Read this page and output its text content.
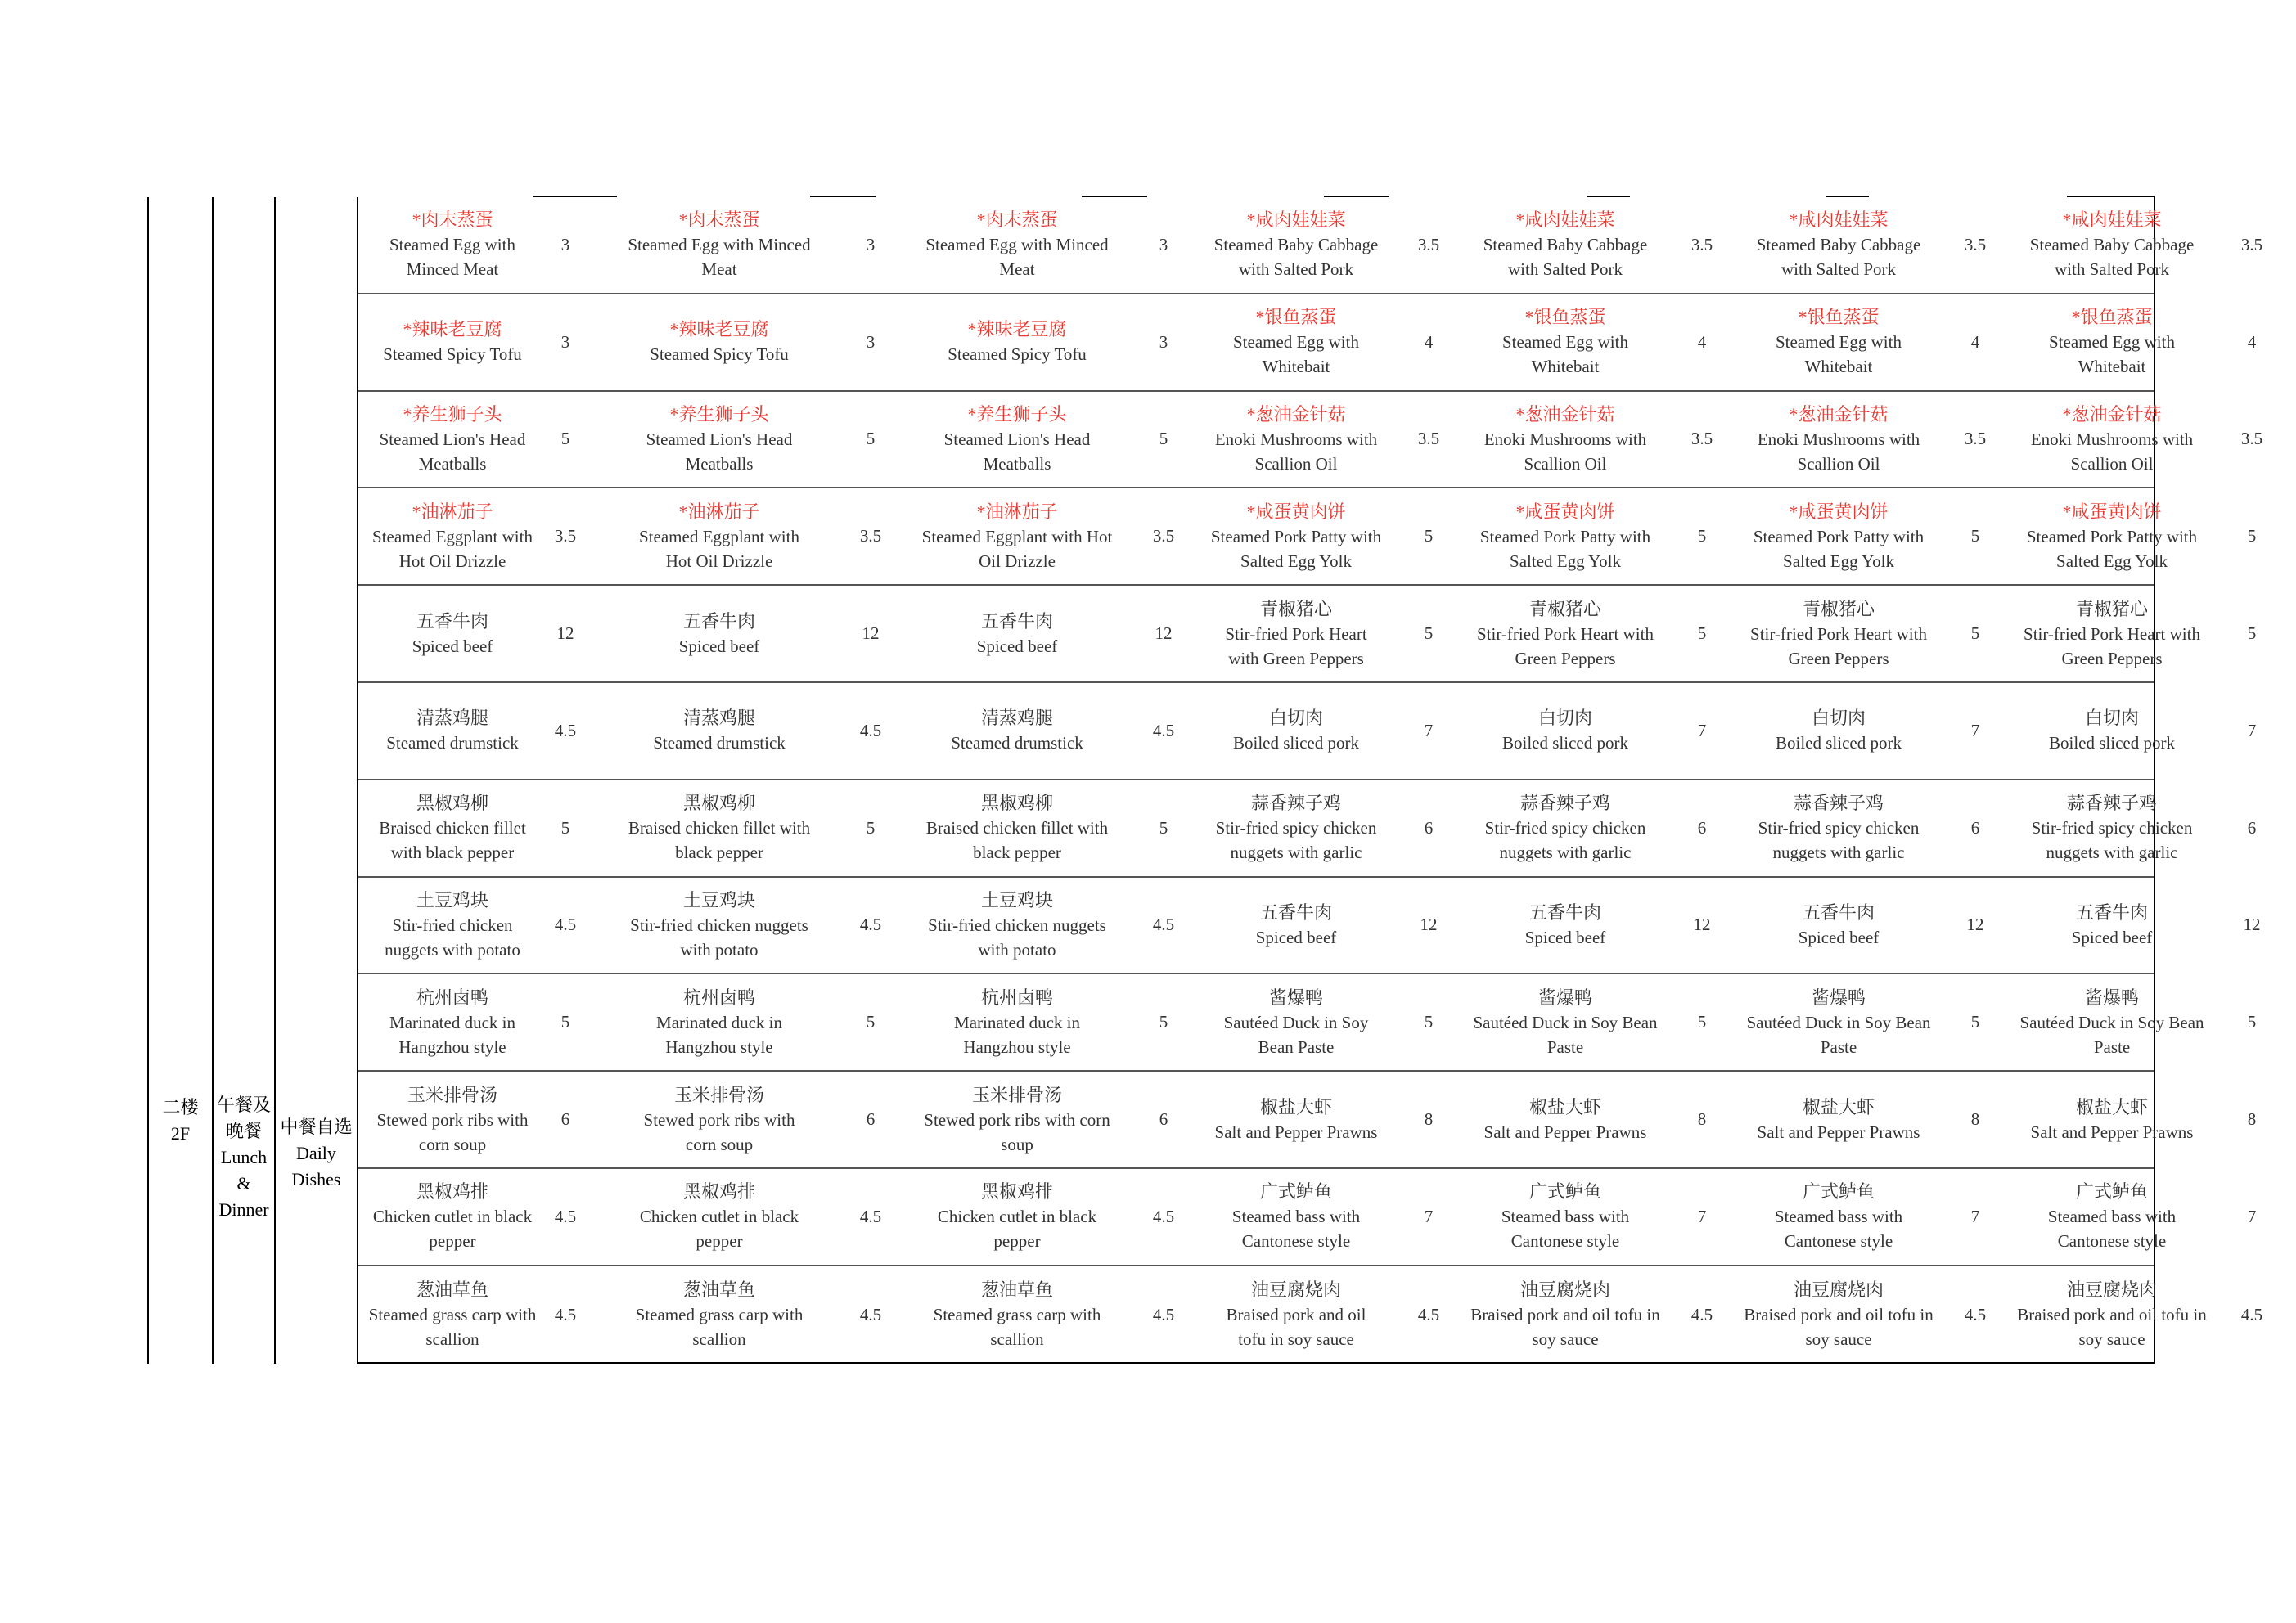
二楼
2F
午餐及
晚餐
Lunch
&
Dinner
中餐自选
Daily
Dishes
*肉末蒸蛋
Steamed Egg with
Minced Meat
3
*肉末蒸蛋
Steamed Egg with Minced
Meat
3
*肉末蒸蛋
Steamed Egg with Minced
Meat
3
*咸肉娃娃菜
Steamed Baby Cabbage
with Salted Pork
3.5
*咸肉娃娃菜
Steamed Baby Cabbage
with Salted Pork
3.5
*咸肉娃娃菜
Steamed Baby Cabbage
with Salted Pork
3.5
*咸肉娃娃菜
Steamed Baby Cabbage
with Salted Pork
3.5
*辣味老豆腐
Steamed Spicy Tofu
3
*辣味老豆腐
Steamed Spicy Tofu
3
*辣味老豆腐
Steamed Spicy Tofu
3
*银鱼蒸蛋
Steamed Egg with
Whitebait
4
*银鱼蒸蛋
Steamed Egg with
Whitebait
4
*银鱼蒸蛋
Steamed Egg with
Whitebait
4
*银鱼蒸蛋
Steamed Egg with
Whitebait
4
*养生狮子头
Steamed Lion's Head
Meatballs
5
*养生狮子头
Steamed Lion's Head
Meatballs
5
*养生狮子头
Steamed Lion's Head
Meatballs
5
*葱油金针菇
Enoki Mushrooms with
Scallion Oil
3.5
*葱油金针菇
Enoki Mushrooms with
Scallion Oil
3.5
*葱油金针菇
Enoki Mushrooms with
Scallion Oil
3.5
*葱油金针菇
Enoki Mushrooms with
Scallion Oil
3.5
*油淋茄子
Steamed Eggplant with
Hot Oil Drizzle
3.5
*油淋茄子
Steamed Eggplant with
Hot Oil Drizzle
3.5
*油淋茄子
Steamed Eggplant with Hot
Oil Drizzle
3.5
*咸蛋黄肉饼
Steamed Pork Patty with
Salted Egg Yolk
5
*咸蛋黄肉饼
Steamed Pork Patty with
Salted Egg Yolk
5
*咸蛋黄肉饼
Steamed Pork Patty with
Salted Egg Yolk
5
*咸蛋黄肉饼
Steamed Pork Patty with
Salted Egg Yolk
5
五香牛肉
Spiced beef
12
五香牛肉
Spiced beef
12
五香牛肉
Spiced beef
12
青椒猪心
Stir-fried Pork Heart
with Green Peppers
5
青椒猪心
Stir-fried Pork Heart with
Green Peppers
5
青椒猪心
Stir-fried Pork Heart with
Green Peppers
5
青椒猪心
Stir-fried Pork Heart with
Green Peppers
5
清蒸鸡腿
Steamed drumstick
4.5
清蒸鸡腿
Steamed drumstick
4.5
清蒸鸡腿
Steamed drumstick
4.5
白切肉
Boiled sliced pork
7
白切肉
Boiled sliced pork
7
白切肉
Boiled sliced pork
7
白切肉
Boiled sliced pork
7
黑椒鸡柳
Braised chicken fillet
with black pepper
5
黑椒鸡柳
Braised chicken fillet with
black pepper
5
黑椒鸡柳
Braised chicken fillet with
black pepper
5
蒜香辣子鸡
Stir-fried spicy chicken
nuggets with garlic
6
蒜香辣子鸡
Stir-fried spicy chicken
nuggets with garlic
6
蒜香辣子鸡
Stir-fried spicy chicken
nuggets with garlic
6
蒜香辣子鸡
Stir-fried spicy chicken
nuggets with garlic
6
土豆鸡块
Stir-fried chicken
nuggets with potato
4.5
土豆鸡块
Stir-fried chicken nuggets
with potato
4.5
土豆鸡块
Stir-fried chicken nuggets
with potato
4.5
五香牛肉
Spiced beef
12
五香牛肉
Spiced beef
12
五香牛肉
Spiced beef
12
五香牛肉
Spiced beef
12
杭州卤鸭
Marinated duck in
Hangzhou style
5
杭州卤鸭
Marinated duck in
Hangzhou style
5
杭州卤鸭
Marinated duck in
Hangzhou style
5
酱爆鸭
Sautéed Duck in Soy
Bean Paste
5
酱爆鸭
Sautéed Duck in Soy Bean
Paste
5
酱爆鸭
Sautéed Duck in Soy Bean
Paste
5
酱爆鸭
Sautéed Duck in Soy Bean
Paste
5
玉米排骨汤
Stewed pork ribs with
corn soup
6
玉米排骨汤
Stewed pork ribs with
corn soup
6
玉米排骨汤
Stewed pork ribs with corn
soup
6
椒盐大虾
Salt and Pepper Prawns
8
椒盐大虾
Salt and Pepper Prawns
8
椒盐大虾
Salt and Pepper Prawns
8
椒盐大虾
Salt and Pepper Prawns
8
黑椒鸡排
Chicken cutlet in black
pepper
4.5
黑椒鸡排
Chicken cutlet in black
pepper
4.5
黑椒鸡排
Chicken cutlet in black
pepper
4.5
广式鲈鱼
Steamed bass with
Cantonese style
7
广式鲈鱼
Steamed bass with
Cantonese style
7
广式鲈鱼
Steamed bass with
Cantonese style
7
广式鲈鱼
Steamed bass with
Cantonese style
7
葱油草鱼
Steamed grass carp with
scallion
4.5
葱油草鱼
Steamed grass carp with
scallion
4.5
葱油草鱼
Steamed grass carp with
scallion
4.5
油豆腐烧肉
Braised pork and oil
tofu in soy sauce
4.5
油豆腐烧肉
Braised pork and oil tofu in
soy sauce
4.5
油豆腐烧肉
Braised pork and oil tofu in
soy sauce
4.5
油豆腐烧肉
Braised pork and oil tofu in
soy sauce
4.5
